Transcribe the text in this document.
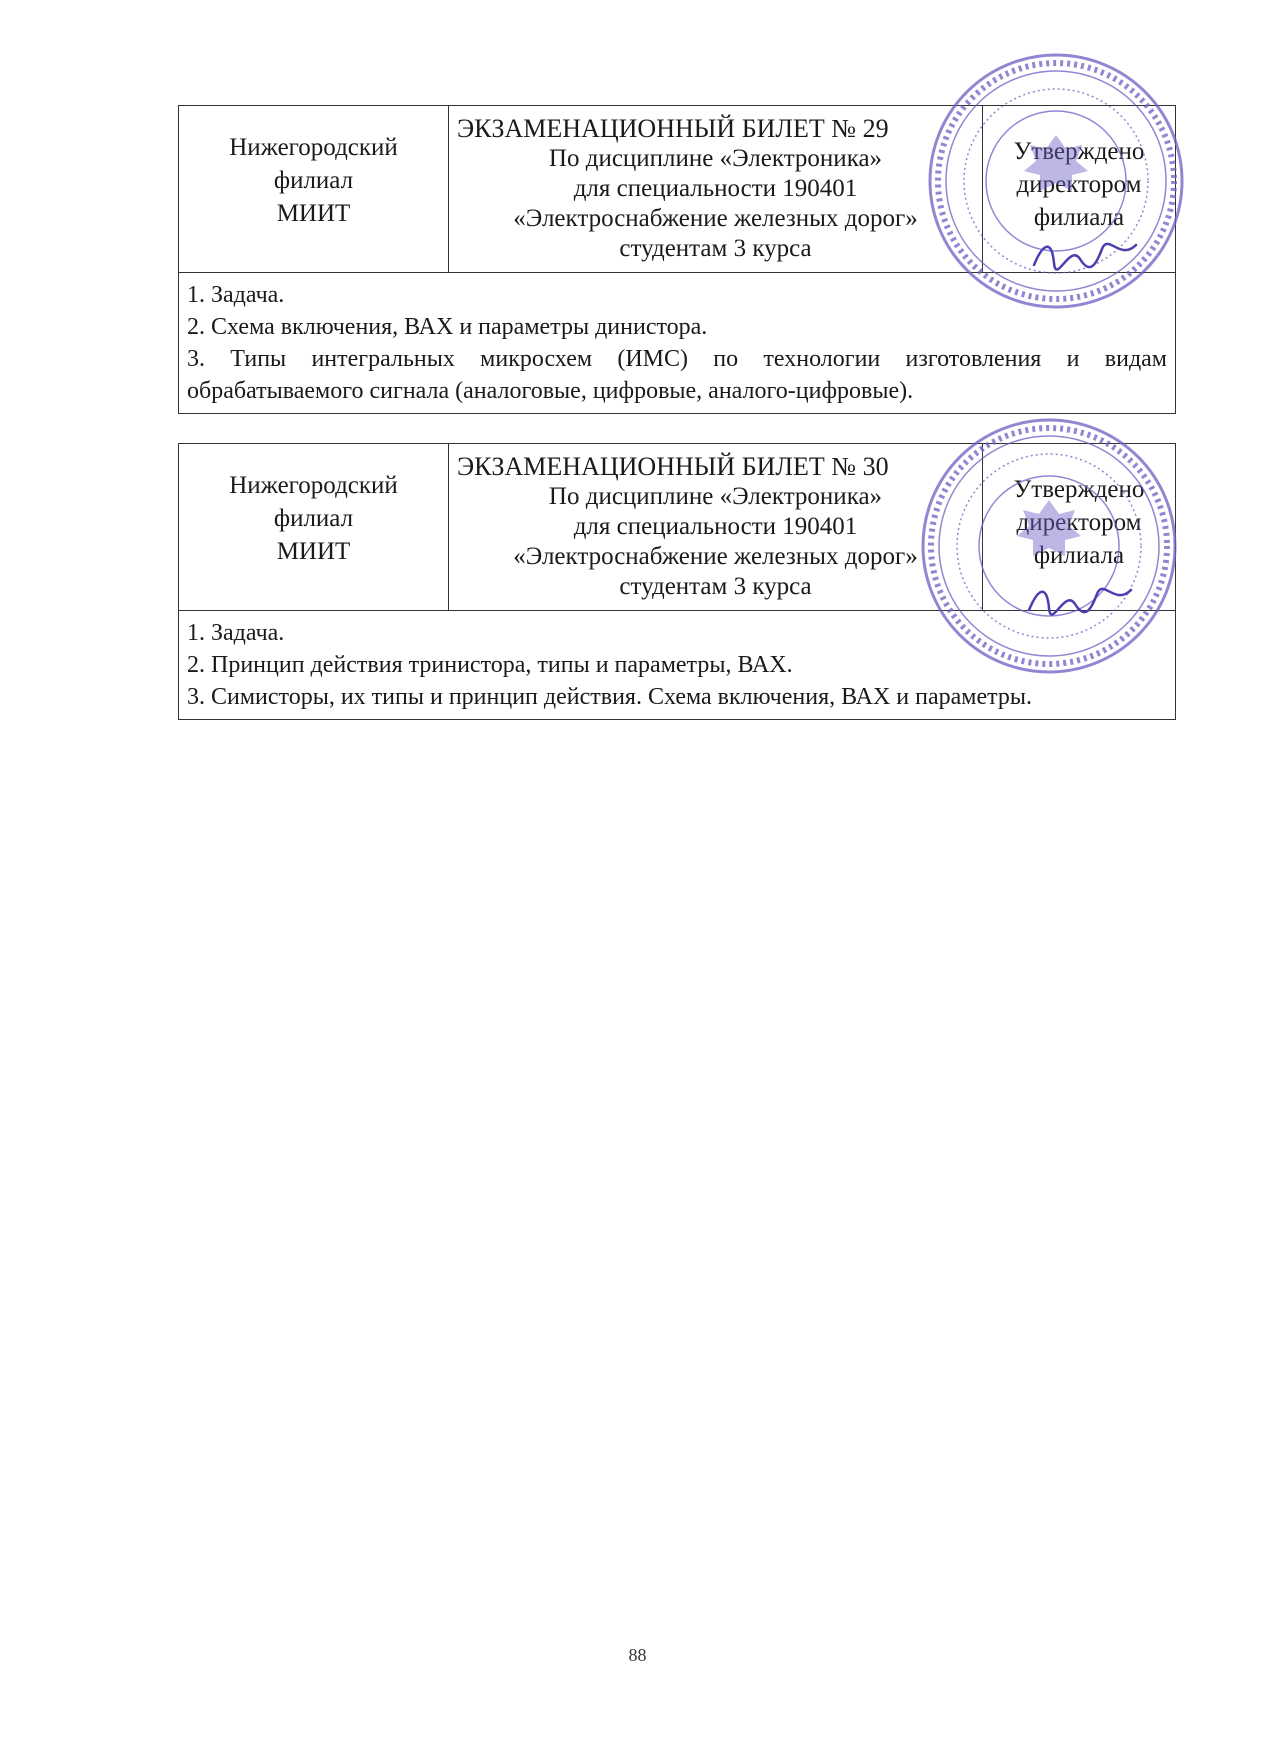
Нижегородский
филиал
МИИТ
ЭКЗАМЕНАЦИОННЫЙ БИЛЕТ № 29
По дисциплине «Электроника»
для специальности 190401
«Электроснабжение железных дорог»
студентам 3 курса
Утверждено
директором
филиала

1. Задача.

2. Схема включения, ВАХ и параметры динистора.

3. Типы интегральных микросхем (ИМС) по технологии изготовления и видам обрабатываемого сигнала (аналоговые, цифровые, аналого-цифровые).

Нижегородский
филиал
МИИТ
ЭКЗАМЕНАЦИОННЫЙ БИЛЕТ № 30
По дисциплине «Электроника»
для специальности 190401
«Электроснабжение железных дорог»
студентам 3 курса
Утверждено
директором
филиала

1. Задача.

2. Принцип действия тринистора, типы и параметры, ВАХ.

3. Симисторы, их типы и принцип действия. Схема включения, ВАХ и параметры.

88
